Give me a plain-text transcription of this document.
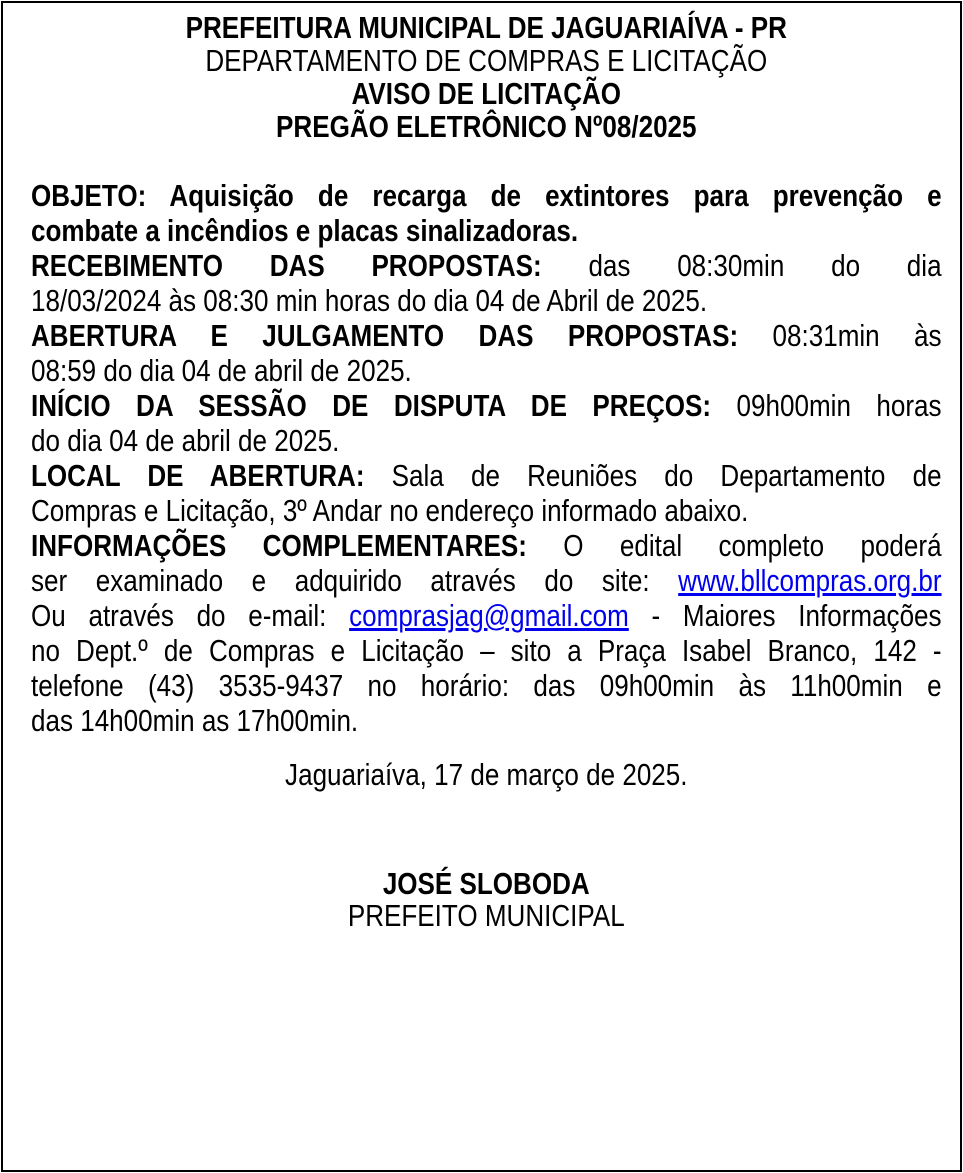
PREFEITURA MUNICIPAL DE JAGUARIAÍVA - PR
DEPARTAMENTO DE COMPRAS E LICITAÇÃO
AVISO DE LICITAÇÃO
PREGÃO ELETRÔNICO Nº08/2025
OBJETO: Aquisição de recarga de extintores para prevenção e
combate a incêndios e placas sinalizadoras.
RECEBIMENTO DAS PROPOSTAS: das 08:30min do dia
18/03/2024 às 08:30 min horas do dia 04 de Abril de 2025.
ABERTURA E JULGAMENTO DAS PROPOSTAS: 08:31min às
08:59 do dia 04 de abril de 2025.
INÍCIO DA SESSÃO DE DISPUTA DE PREÇOS: 09h00min horas
do dia 04 de abril de 2025.
LOCAL DE ABERTURA: Sala de Reuniões do Departamento de
Compras e Licitação, 3º Andar no endereço informado abaixo.
INFORMAÇÕES COMPLEMENTARES: O edital completo poderá
ser examinado e adquirido através do site: www.bllcompras.org.br
Ou através do e-mail: comprasjag@gmail.com - Maiores Informações
no Dept.º de Compras e Licitação – sito a Praça Isabel Branco, 142 -
telefone (43) 3535-9437 no horário: das 09h00min às 11h00min e
das 14h00min as 17h00min.

Jaguariaíva, 17 de março de 2025.

JOSÉ SLOBODA

PREFEITO MUNICIPAL
